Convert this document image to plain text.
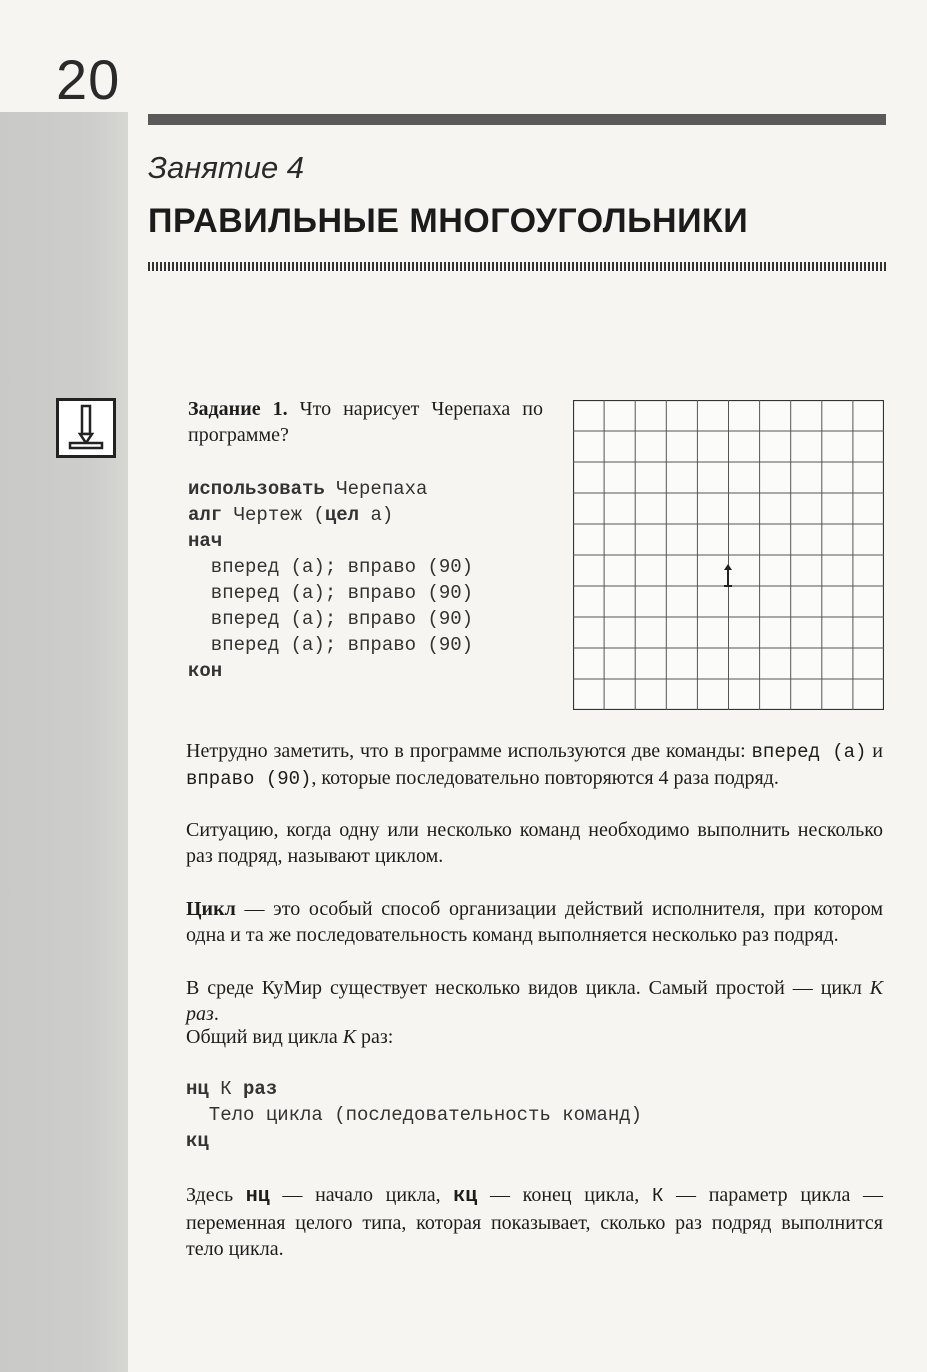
20
Занятие 4
ПРАВИЛЬНЫЕ МНОГОУГОЛЬНИКИ
Задание 1. Что нарисует Черепаха по программе?
использовать Черепаха
алг Чертеж (цел а)
нач
вперед (а); вправо (90)
вперед (а); вправо (90)
вперед (а); вправо (90)
вперед (а); вправо (90)
кон
Нетрудно заметить, что в программе используются две команды: вперед (а) и вправо (90), которые последовательно повторяются 4 раза подряд.
Ситуацию, когда одну или несколько команд необходимо выполнить несколько раз подряд, называют циклом.
Цикл — это особый способ организации действий исполнителя, при котором одна и та же последовательность команд выполняется несколько раз подряд.
В среде КуМир существует несколько видов цикла. Самый простой — цикл К раз.
Общий вид цикла К раз:
нц К раз
Тело цикла (последовательность команд)
кц
Здесь нц — начало цикла, кц — конец цикла, К — параметр цикла — переменная целого типа, которая показывает, сколько раз подряд выполнится тело цикла.
